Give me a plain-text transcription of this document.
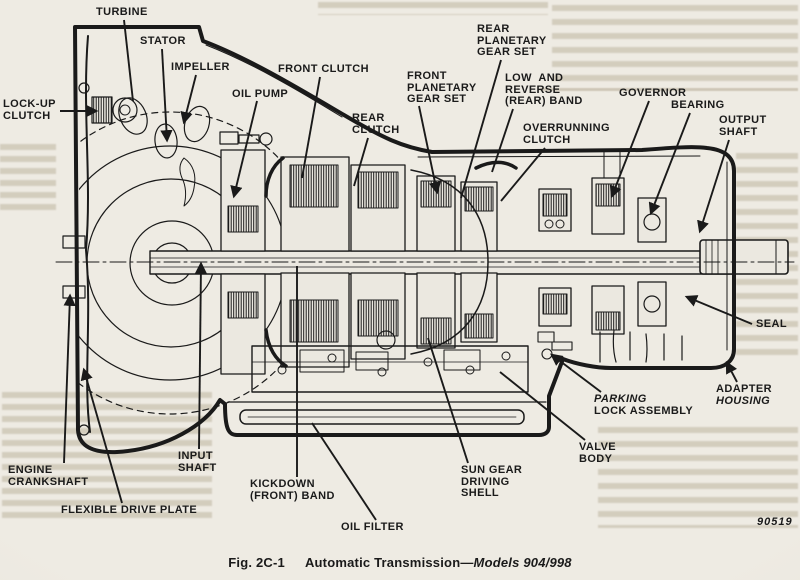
LOCK-UP
CLUTCH
TURBINE
STATOR
IMPELLER
OIL PUMP
FRONT CLUTCH
REAR
CLUTCH
FRONT
PLANETARY
GEAR SET
REAR
PLANETARY
GEAR SET
LOW  AND
REVERSE
(REAR) BAND
OVERRUNNING
CLUTCH
GOVERNOR
BEARING
OUTPUT
SHAFT
SEAL
ADAPTER
HOUSING
PARKING
LOCK ASSEMBLY
VALVE
BODY
SUN GEAR
DRIVING
SHELL
OIL FILTER
KICKDOWN
(FRONT) BAND
INPUT
SHAFT
ENGINE
CRANKSHAFT
FLEXIBLE DRIVE PLATE
90519
Fig. 2C-1 Automatic Transmission—Models 904/998
